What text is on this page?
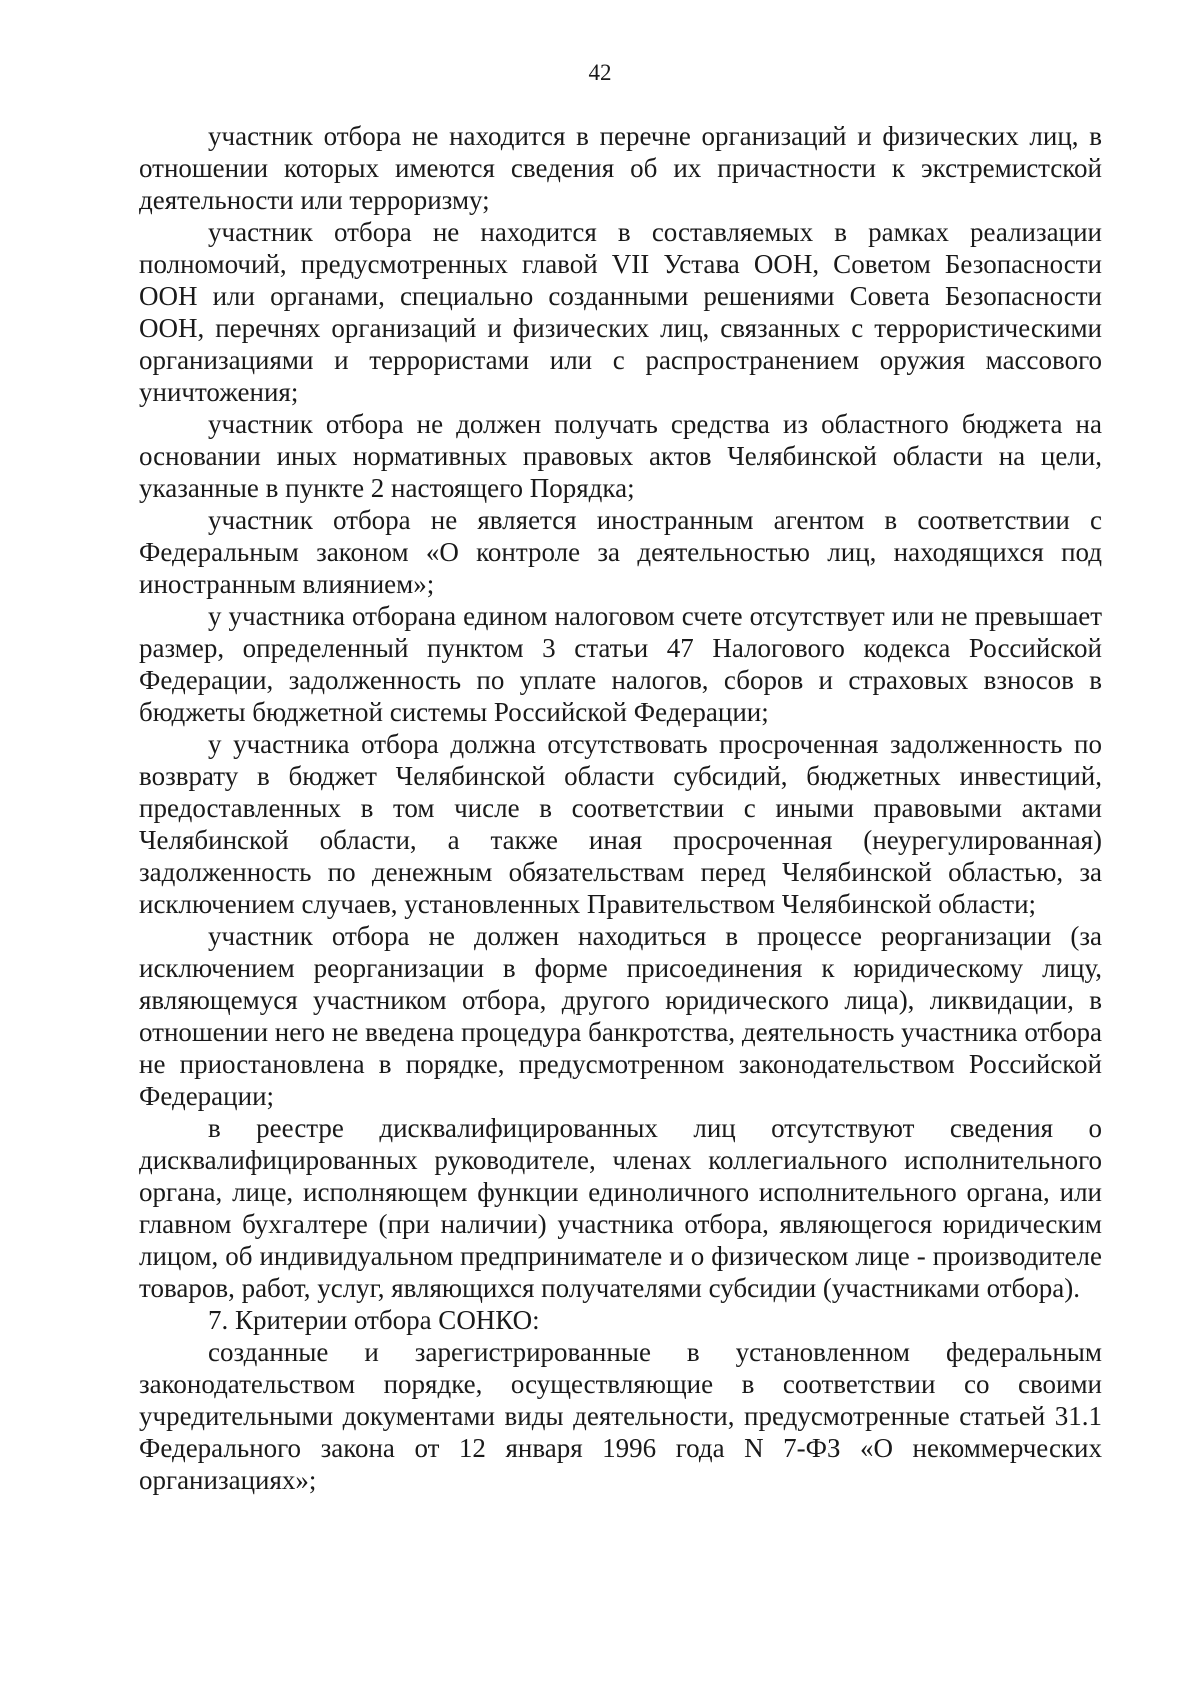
42

участник отбора не находится в перечне организаций и физических лиц, в отношении которых имеются сведения об их причастности к экстремистской деятельности или терроризму;

участник отбора не находится в составляемых в рамках реализации полномочий, предусмотренных главой VII Устава ООН, Советом Безопасности ООН или органами, специально созданными решениями Совета Безопасности ООН, перечнях организаций и физических лиц, связанных с террористическими организациями и террористами или с распространением оружия массового уничтожения;

участник отбора не должен получать средства из областного бюджета на основании иных нормативных правовых актов Челябинской области на цели, указанные в пункте 2 настоящего Порядка;

участник отбора не является иностранным агентом в соответствии с Федеральным законом «О контроле за деятельностью лиц, находящихся под иностранным влиянием»;

у участника отборана едином налоговом счете отсутствует или не превышает размер, определенный пунктом 3 статьи 47 Налогового кодекса Российской Федерации, задолженность по уплате налогов, сборов и страховых взносов в бюджеты бюджетной системы Российской Федерации;

у участника отбора должна отсутствовать просроченная задолженность по возврату в бюджет Челябинской области субсидий, бюджетных инвестиций, предоставленных в том числе в соответствии с иными правовыми актами Челябинской области, а также иная просроченная (неурегулированная) задолженность по денежным обязательствам перед Челябинской областью, за исключением случаев, установленных Правительством Челябинской области;

участник отбора не должен находиться в процессе реорганизации (за исключением реорганизации в форме присоединения к юридическому лицу, являющемуся участником отбора, другого юридического лица), ликвидации, в отношении него не введена процедура банкротства, деятельность участника отбора не приостановлена в порядке, предусмотренном законодательством Российской Федерации;

в реестре дисквалифицированных лиц отсутствуют сведения о дисквалифицированных руководителе, членах коллегиального исполнительного органа, лице, исполняющем функции единоличного исполнительного органа, или главном бухгалтере (при наличии) участника отбора, являющегося юридическим лицом, об индивидуальном предпринимателе и о физическом лице - производителе товаров, работ, услуг, являющихся получателями субсидии (участниками отбора).

7. Критерии отбора СОНКО:

созданные и зарегистрированные в установленном федеральным законодательством порядке, осуществляющие в соответствии со своими учредительными документами виды деятельности, предусмотренные статьей 31.1 Федерального закона от 12 января 1996 года N 7-ФЗ «О некоммерческих организациях»;
